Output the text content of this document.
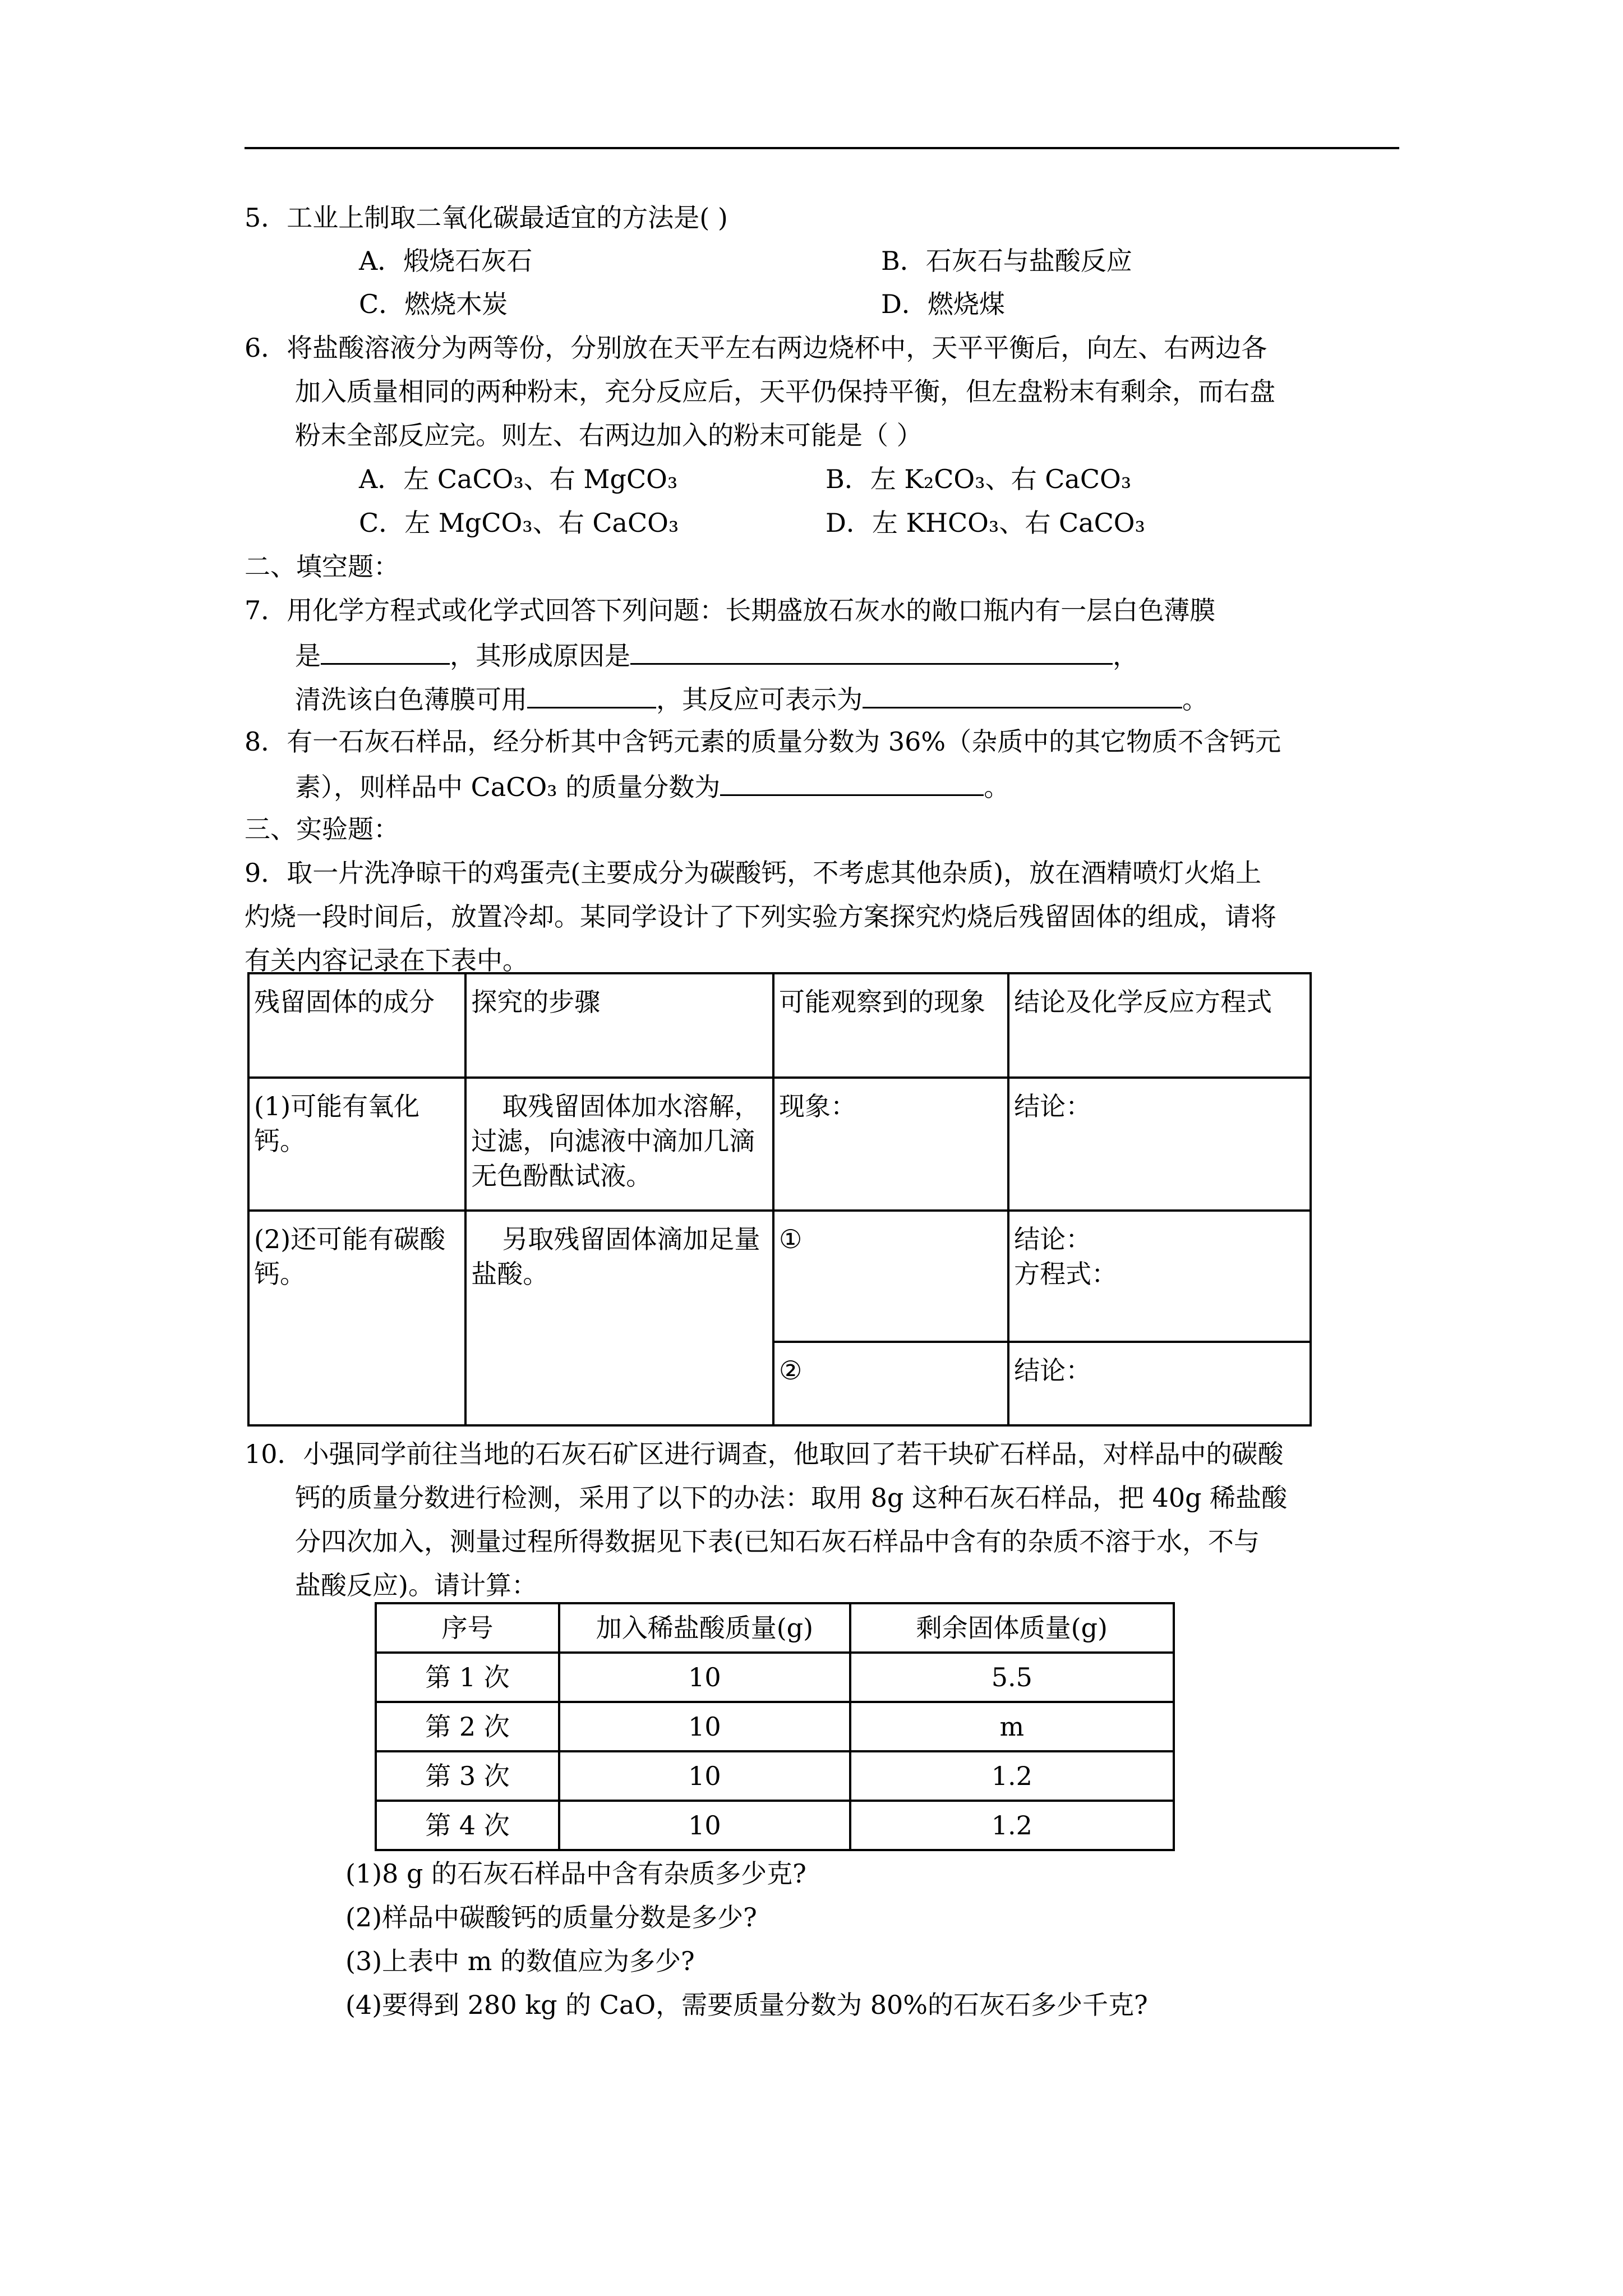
5．工业上制取二氧化碳最适宜的方法是( )
A．煅烧石灰石	B．石灰石与盐酸反应
C．燃烧木炭	D．燃烧煤
6．将盐酸溶液分为两等份，分别放在天平左右两边烧杯中，天平平衡后，向左、右两边各
加入质量相同的两种粉末，充分反应后，天平仍保持平衡，但左盘粉末有剩余，而右盘
粉末全部反应完。则左、右两边加入的粉末可能是（ ）
A．左 CaCO₃、右 MgCO₃	B．左 K₂CO₃、右 CaCO₃
C．左 MgCO₃、右 CaCO₃	D．左 KHCO₃、右 CaCO₃
二、填空题：
7．用化学方程式或化学式回答下列问题：长期盛放石灰水的敞口瓶内有一层白色薄膜
是	，其形成原因是	，
清洗该白色薄膜可用	，其反应可表示为	。
8．有一石灰石样品，经分析其中含钙元素的质量分数为 36%（杂质中的其它物质不含钙元
素），则样品中 CaCO₃ 的质量分数为	。
三、实验题：
9．取一片洗净晾干的鸡蛋壳(主要成分为碳酸钙，不考虑其他杂质)，放在酒精喷灯火焰上
灼烧一段时间后，放置冷却。某同学设计了下列实验方案探究灼烧后残留固体的组成，请将
有关内容记录在下表中。
残留固体的成分	探究的步骤	可能观察到的现象	结论及化学反应方程式
(1)可能有氧化钙。	取残留固体加水溶解，过滤，向滤液中滴加几滴无色酚酞试液。	现象：	结论：
(2)还可能有碳酸钙。	另取残留固体滴加足量盐酸。	①	结论：
方程式：

		②	结论：
10．小强同学前往当地的石灰石矿区进行调查，他取回了若干块矿石样品，对样品中的碳酸
钙的质量分数进行检测，采用了以下的办法：取用 8g 这种石灰石样品，把 40g 稀盐酸
分四次加入，测量过程所得数据见下表(已知石灰石样品中含有的杂质不溶于水，不与
盐酸反应)。请计算：
序号	加入稀盐酸质量(g)	剩余固体质量(g)
第 1 次	10	5.5
第 2 次	10	m
第 3 次	10	1.2
第 4 次	10	1.2
(1)8 g 的石灰石样品中含有杂质多少克?
(2)样品中碳酸钙的质量分数是多少?
(3)上表中 m 的数值应为多少?
(4)要得到 280 kg 的 CaO，需要质量分数为 80%的石灰石多少千克?
